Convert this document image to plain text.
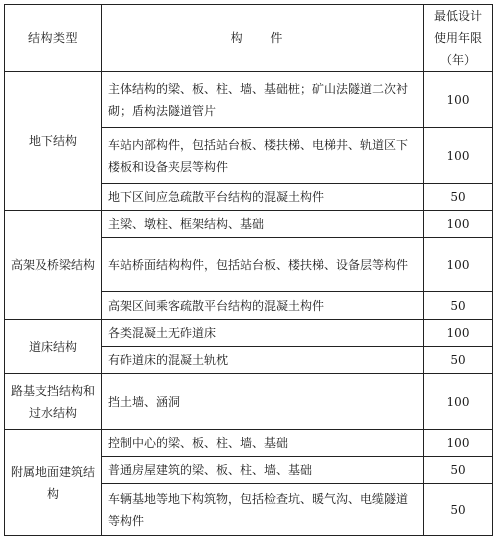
结构类型	构 件	最低设计
使用年限
（年）

地下结构	主体结构的梁、板、柱、墙、基础桩；矿山法隧道二次衬砌；盾构法隧道管片	100
	车站内部构件，包括站台板、楼扶梯、电梯井、轨道区下楼板和设备夹层等构件	100
	地下区间应急疏散平台结构的混凝土构件	50
高架及桥梁结构	主梁、墩柱、框架结构、基础	100
	车站桥面结构构件，包括站台板、楼扶梯、设备层等构件	100
	高架区间乘客疏散平台结构的混凝土构件	50
道床结构	各类混凝土无砟道床	100
	有砟道床的混凝土轨枕	50
路基支挡结构和过水结构	挡土墙、涵洞	100
附属地面建筑结构	控制中心的梁、板、柱、墙、基础	100
	普通房屋建筑的梁、板、柱、墙、基础	50
	车辆基地等地下构筑物，包括检查坑、暖气沟、电缆隧道等构件	50
